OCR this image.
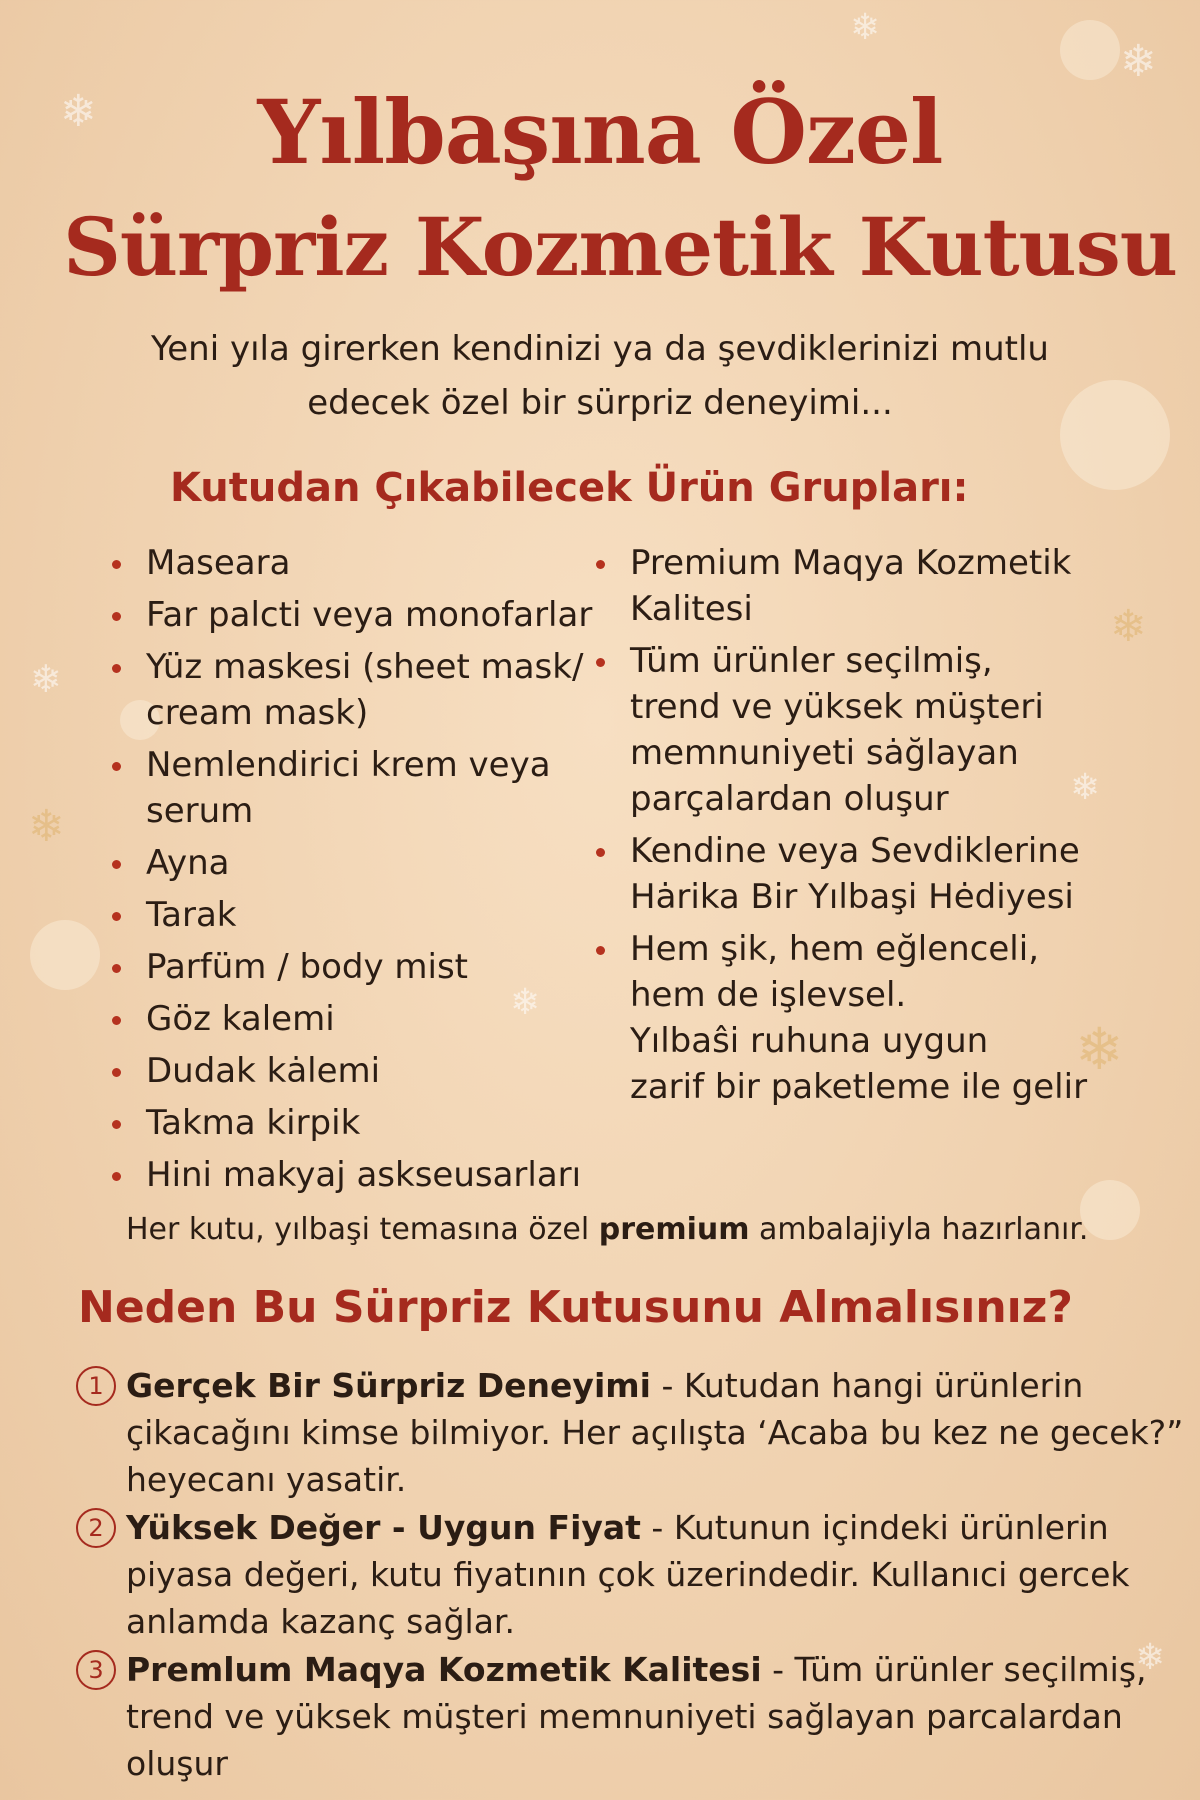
❄
❄
❄
❄
❄
❄
❄
❄
❄
❄
Yılbaşına Özel
Sürpriz Kozmetik Kutusu

Yeni yıla girerken kendinizi ya da şevdiklerinizi mutlu
edecek özel bir sürpriz deneyimi...

Kutudan Çıkabilecek Ürün Grupları:
Maseara
Far palcti veya monofarlar
Yüz maskesi (sheet mask/
cream mask)
Nemlendirici krem veya
serum
Ayna
Tarak
Parfüm / body mist
Göz kalemi
Dudak kȧlemi
Takma kirpik
Hini makyaj askseusarları
Premium Maqya Kozmetik
Kalitesi
Tüm ürünler seçilmiş,
trend ve yüksek müşteri
memnuniyeti sȧğlayan
parçalardan oluşur
Kendine veya Sevdiklerine
Hȧrika Bir Yılbaşi Hėdiyesi
Hem şik, hem eğlenceli,
hem de işlevsel.
Yılbaŝi ruhuna uygun
zarif bir paketleme ile gelir

Her kutu, yılbaşi temasına özel premium ambalajiyla hazırlanır.

Neden Bu Sürpriz Kutusunu Almalısınız?
1 Gerçek Bir Sürpriz Deneyimi - Kutudan hangi ürünlerin
çikacağını kimse bilmiyor. Her açılışta ‘Acaba bu kez ne gecek?”
heyecanı yasatir.

2 Yüksek Değer - Uygun Fiyat - Kutunun içindeki ürünlerin
piyasa değeri, kutu fiyatının çok üzerindedir. Kullanıci gercek
anlamda kazanç sağlar.

3 Premlum Maqya Kozmetik Kalitesi - Tüm ürünler seçilmiş,
trend ve yüksek müşteri memnuniyeti sağlayan parcalardan oluşur
